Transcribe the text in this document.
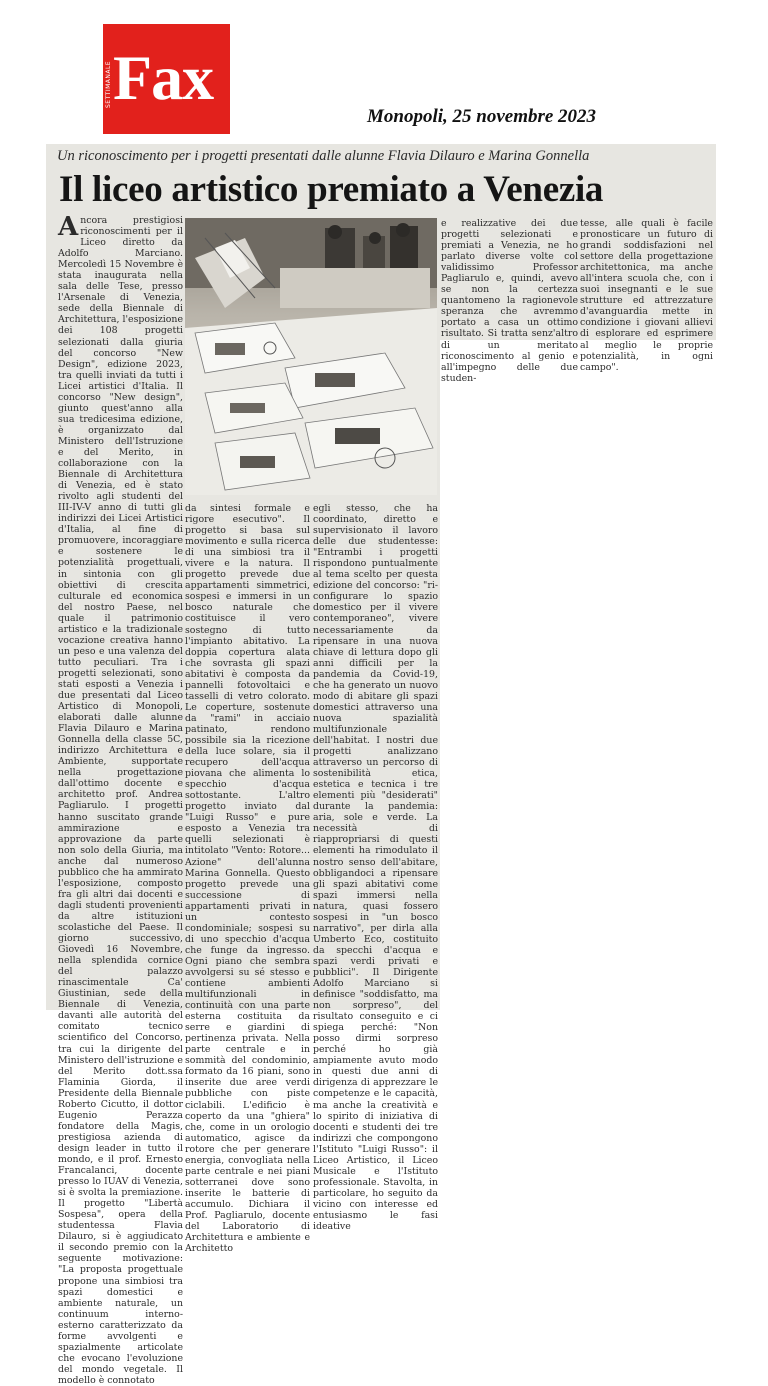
SETTIMANALE Fax
Monopoli, 25 novembre 2023
Un riconoscimento per i progetti presentati dalle alunne Flavia Dilauro e Marina Gonnella
Il liceo artistico premiato a Venezia
Ancora prestigiosi riconoscimenti per il Liceo diretto da Adolfo Marciano. Mercoledì 15 Novembre è stata inaugurata nella sala delle Tese, presso l'Arsenale di Venezia, sede della Biennale di Architettura, l'esposizione dei 108 progetti selezionati dalla giuria del concorso "New Design", edizione 2023, tra quelli inviati da tutti i Licei artistici d'Italia. Il concorso "New design", giunto quest'anno alla sua tredicesima edizione, è organizzato dal Ministero dell'Istruzione e del Merito, in collaborazione con la Biennale di Architettura di Venezia, ed è stato rivolto agli studenti del III-IV-V anno di tutti gli indirizzi dei Licei Artistici d'Italia, al fine di promuovere, incoraggiare e sostenere le potenzialità progettuali, in sintonia con gli obiettivi di crescita culturale ed economica del nostro Paese, nel quale il patrimonio artistico e la tradizionale vocazione creativa hanno un peso e una valenza del tutto peculiari. Tra i progetti selezionati, sono stati esposti a Venezia i due presentati dal Liceo Artistico di Monopoli, elaborati dalle alunne Flavia Dilauro e Marina Gonnella della classe 5C, indirizzo Architettura e Ambiente, supportate nella progettazione dall'ottimo docente e architetto prof. Andrea Pagliarulo. I progetti hanno suscitato grande ammirazione e approvazione da parte non solo della Giuria, ma anche dal numeroso pubblico che ha ammirato l'esposizione, composto fra gli altri dai docenti e dagli studenti provenienti da altre istituzioni scolastiche del Paese. Il giorno successivo, Giovedì 16 Novembre, nella splendida cornice del palazzo rinascimentale Ca' Giustinian, sede della Biennale di Venezia, davanti alle autorità del comitato tecnico scientifico del Concorso, tra cui la dirigente del Ministero dell'istruzione e del Merito dott.ssa Flaminia Giorda, il Presidente della Biennale Roberto Cicutto, il dottor Eugenio Perazza fondatore della Magis, prestigiosa azienda di design leader in tutto il mondo, e il prof. Ernesto Francalanci, docente presso lo IUAV di Venezia, si è svolta la premiazione. Il progetto "Libertà Sospesa", opera della studentessa Flavia Dilauro, si è aggiudicato il secondo premio con la seguente motivazione: "La proposta progettuale propone una simbiosi tra spazi domestici e ambiente naturale, un continuum interno-esterno caratterizzato da forme avvolgenti e spazialmente articolate che evocano l'evoluzione del mondo vegetale. Il modello è connotato
da sintesi formale e rigore esecutivo". Il progetto si basa sul movimento e sulla ricerca di una simbiosi tra il vivere e la natura. Il progetto prevede due appartamenti simmetrici, sospesi e immersi in un bosco naturale che costituisce il vero sostegno di tutto l'impianto abitativo. La doppia copertura alata che sovrasta gli spazi abitativi è composta da pannelli fotovoltaici e tasselli di vetro colorato. Le coperture, sostenute da "rami" in acciaio patinato, rendono possibile sia la ricezione della luce solare, sia il recupero dell'acqua piovana che alimenta lo specchio d'acqua sottostante. L'altro progetto inviato dal "Luigi Russo" e pure esposto a Venezia tra quelli selezionati è intitolato "Vento: Rotore... Azione" dell'alunna Marina Gonnella. Questo progetto prevede una successione di appartamenti privati in un contesto condominiale; sospesi su di uno specchio d'acqua che funge da ingresso. Ogni piano che sembra avvolgersi su sé stesso e contiene ambienti multifunzionali in continuità con una parte esterna costituita da serre e giardini di pertinenza privata. Nella parte centrale e in sommità del condominio, formato da 16 piani, sono inserite due aree verdi pubbliche con piste ciclabili. L'edificio è coperto da una "ghiera" che, come in un orologio automatico, agisce da rotore che per generare energia, convogliata nella parte centrale e nei piani sotterranei dove sono inserite le batterie di accumulo. Dichiara il Prof. Pagliarulo, docente del Laboratorio di Architettura e ambiente e Architetto
egli stesso, che ha coordinato, diretto e supervisionato il lavoro delle due studentesse: "Entrambi i progetti rispondono puntualmente al tema scelto per questa edizione del concorso: "ri-configurare lo spazio domestico per il vivere contemporaneo", vivere necessariamente da ripensare in una nuova chiave di lettura dopo gli anni difficili per la pandemia da Covid-19, che ha generato un nuovo modo di abitare gli spazi domestici attraverso una nuova spazialità multifunzionale dell'habitat. I nostri due progetti analizzano attraverso un percorso di sostenibilità etica, estetica e tecnica i tre elementi più "desiderati" durante la pandemia: aria, sole e verde. La necessità di riappropriarsi di questi elementi ha rimodulato il nostro senso dell'abitare, obbligandoci a ripensare gli spazi abitativi come spazi immersi nella natura, quasi fossero sospesi in "un bosco narrativo", per dirla alla Umberto Eco, costituito da specchi d'acqua e spazi verdi privati e pubblici". Il Dirigente Adolfo Marciano si definisce "soddisfatto, ma non sorpreso", del risultato conseguito e ci spiega perché: "Non posso dirmi sorpreso perché ho già ampiamente avuto modo in questi due anni di dirigenza di apprezzare le competenze e le capacità, ma anche la creatività e lo spirito di iniziativa di docenti e studenti dei tre indirizzi che compongono l'Istituto "Luigi Russo": il Liceo Artistico, il Liceo Musicale e l'Istituto professionale. Stavolta, in particolare, ho seguito da vicino con interesse ed entusiasmo le fasi ideative
e realizzative dei due progetti selezionati e premiati a Venezia, ne ho parlato diverse volte col validissimo Professor Pagliarulo e, quindi, avevo se non la certezza quantomeno la ragionevole speranza che avremmo portato a casa un ottimo risultato. Si tratta senz'altro di un meritato riconoscimento al genio e all'impegno delle due studen-
tesse, alle quali è facile pronosticare un futuro di grandi soddisfazioni nel settore della progettazione architettonica, ma anche all'intera scuola che, con i suoi insegnanti e le sue strutture ed attrezzature d'avanguardia mette in condizione i giovani allievi di esplorare ed esprimere al meglio le proprie potenzialità, in ogni campo".
